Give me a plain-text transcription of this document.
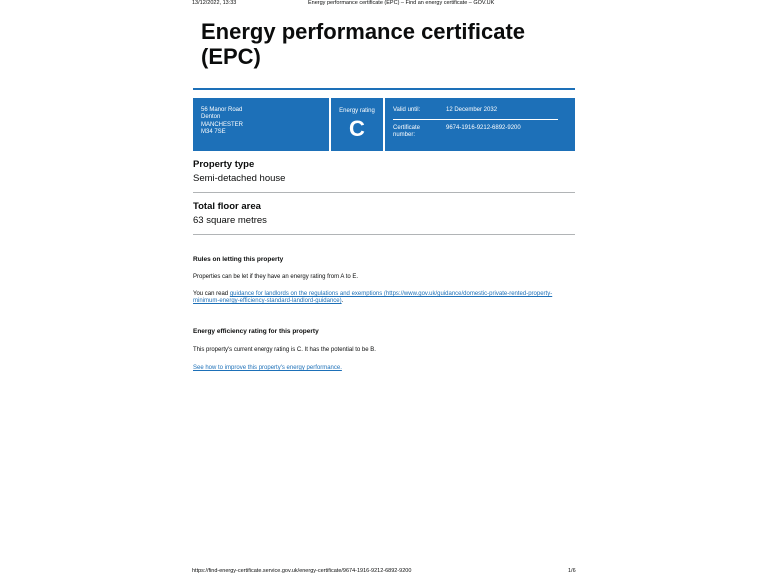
13/12/2022, 13:33	Energy performance certificate (EPC) – Find an energy certificate – GOV.UK
Energy performance certificate (EPC)
56 Manor Road
Denton
MANCHESTER
M34 7SE
Energy rating
C
Valid until:	12 December 2032
Certificate number:
9674-1916-9212-6892-9200
Property type
Semi-detached house
Total floor area
63 square metres
Rules on letting this property
Properties can be let if they have an energy rating from A to E.
You can read guidance for landlords on the regulations and exemptions (https://www.gov.uk/guidance/domestic-private-rented-property-minimum-energy-efficiency-standard-landlord-guidance).
Energy efficiency rating for this property
This property's current energy rating is C. It has the potential to be B.
See how to improve this property's energy performance.
https://find-energy-certificate.service.gov.uk/energy-certificate/9674-1916-9212-6892-9200	1/6
